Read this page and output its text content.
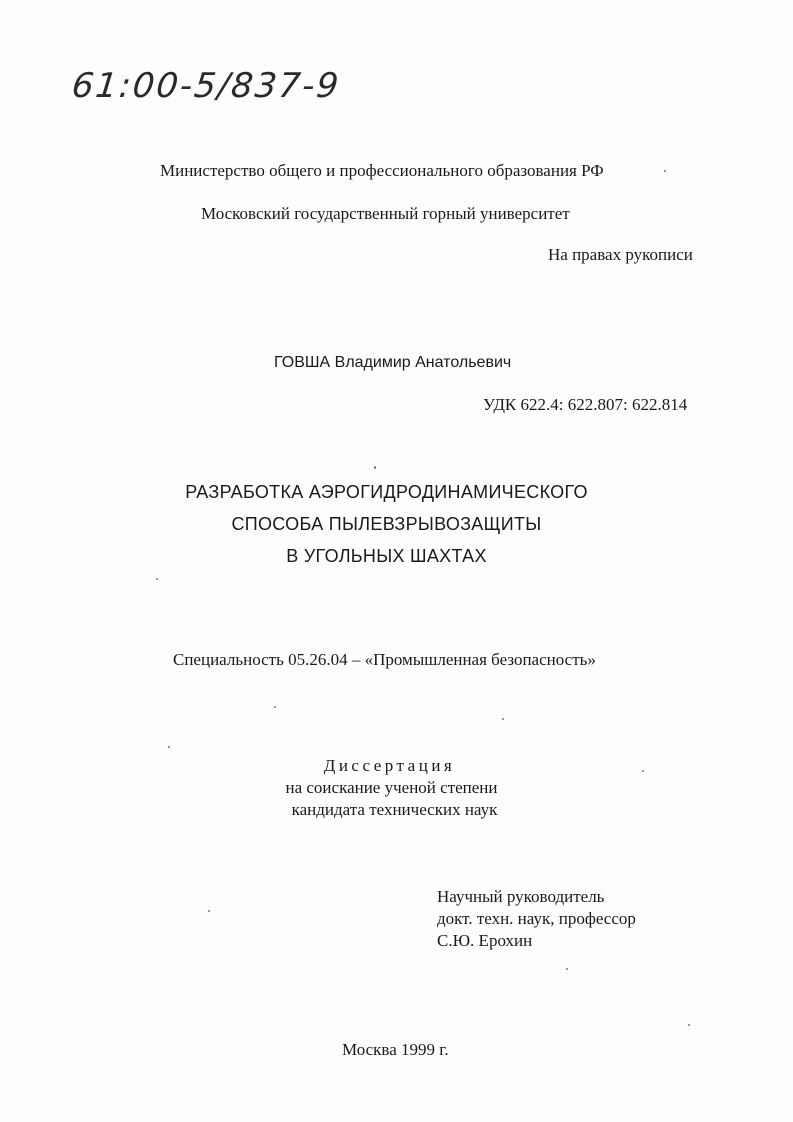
61:00-5/837-9
Министерство общего и профессионального образования РФ
Московский государственный горный университет
На правах рукописи
ГОВША Владимир Анатольевич
УДК 622.4: 622.807: 622.814
РАЗРАБОТКА АЭРОГИДРОДИНАМИЧЕСКОГО
СПОСОБА ПЫЛЕВЗРЫВОЗАЩИТЫ
В УГОЛЬНЫХ ШАХТАХ
Специальность 05.26.04 – «Промышленная безопасность»
Диссертация
на соискание ученой степени
кандидата технических наук
Научный руководитель
докт. техн. наук, профессор
С.Ю. Ерохин
Москва 1999 г.
